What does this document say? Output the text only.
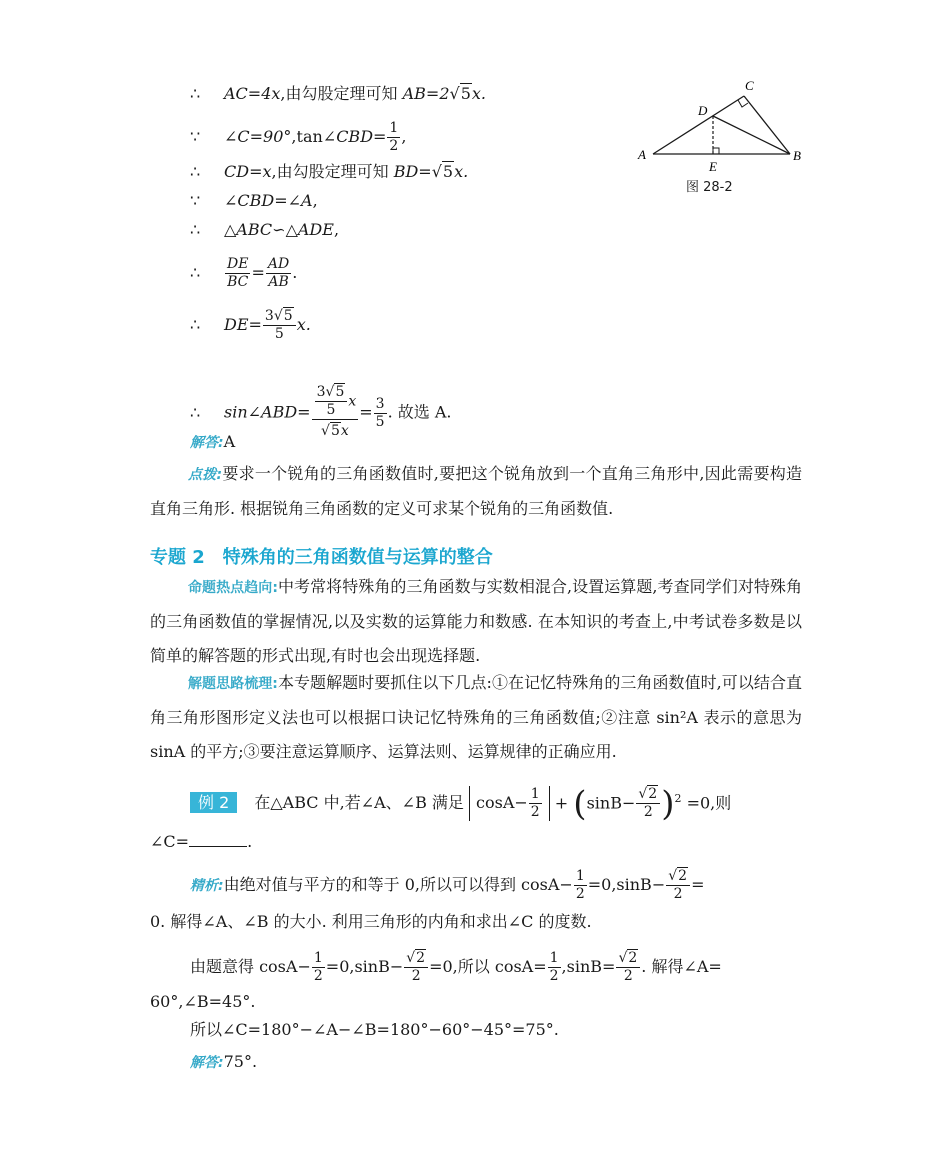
∴ AC=4x,由勾股定理可知 AB=2√5x.
∵ ∠C=90°,tan∠CBD= $\frac{1}{2}$ ,
∴ CD=x,由勾股定理可知 BD=√5x.
∵ ∠CBD=∠A,
∴ △ABC∽△ADE,
∴ $\frac{DE}{BC} = \frac{AD}{AB}$ .
∴ $DE= \frac{3√5}{5} x$.
∴ sin∠ABD= $\frac{\frac{3√5}{5} x}{√5x} = \frac{3}{5}$ . 故选 A.
解答:A
点拨:要求一个锐角的三角函数值时,要把这个锐角放到一个直角三角形中,因此需要构造直角三角形. 根据锐角三角函数的定义可求某个锐角的三角函数值.
A	B
C
D
E
图 28-2
专题 2　特殊角的三角函数值与运算的整合
命题热点趋向:中考常将特殊角的三角函数与实数相混合,设置运算题,考查同学们对特殊角的三角函数值的掌握情况,以及实数的运算能力和数感. 在本知识的考查上,中考试卷多数是以简单的解答题的形式出现,有时也会出现选择题.
解题思路梳理:本专题解题时要抓住以下几点:①在记忆特殊角的三角函数值时,可以结合直角三角形图形定义法也可以根据口诀记忆特殊角的三角函数值;②注意 sin²A 表示的意思为 sinA 的平方;③要注意运算顺序、运算法则、运算规律的正确应用.
例 2 在△ABC 中,若∠A、∠B 满足 $\cos A- \frac{1}{2} + (\sin B- \frac{√2}{2} )^2 =0$,则
∠C=	.
精析:由绝对值与平方的和等于 0,所以可以得到 $\cos A- \frac{1}{2} =0,\sin B- \frac{√2}{2}$ =
0. 解得∠A、∠B 的大小. 利用三角形的内角和求出∠C 的度数.
由题意得 $\cos A- \frac{1}{2} =0,\sin B- \frac{√2}{2} =0$,所以 $\cos A= \frac{1}{2} ,\sin B= \frac{√2}{2}$ . 解得∠A=
60°,∠B=45°.
所以∠C=180°−∠A−∠B=180°−60°−45°=75°.
解答:75°.
